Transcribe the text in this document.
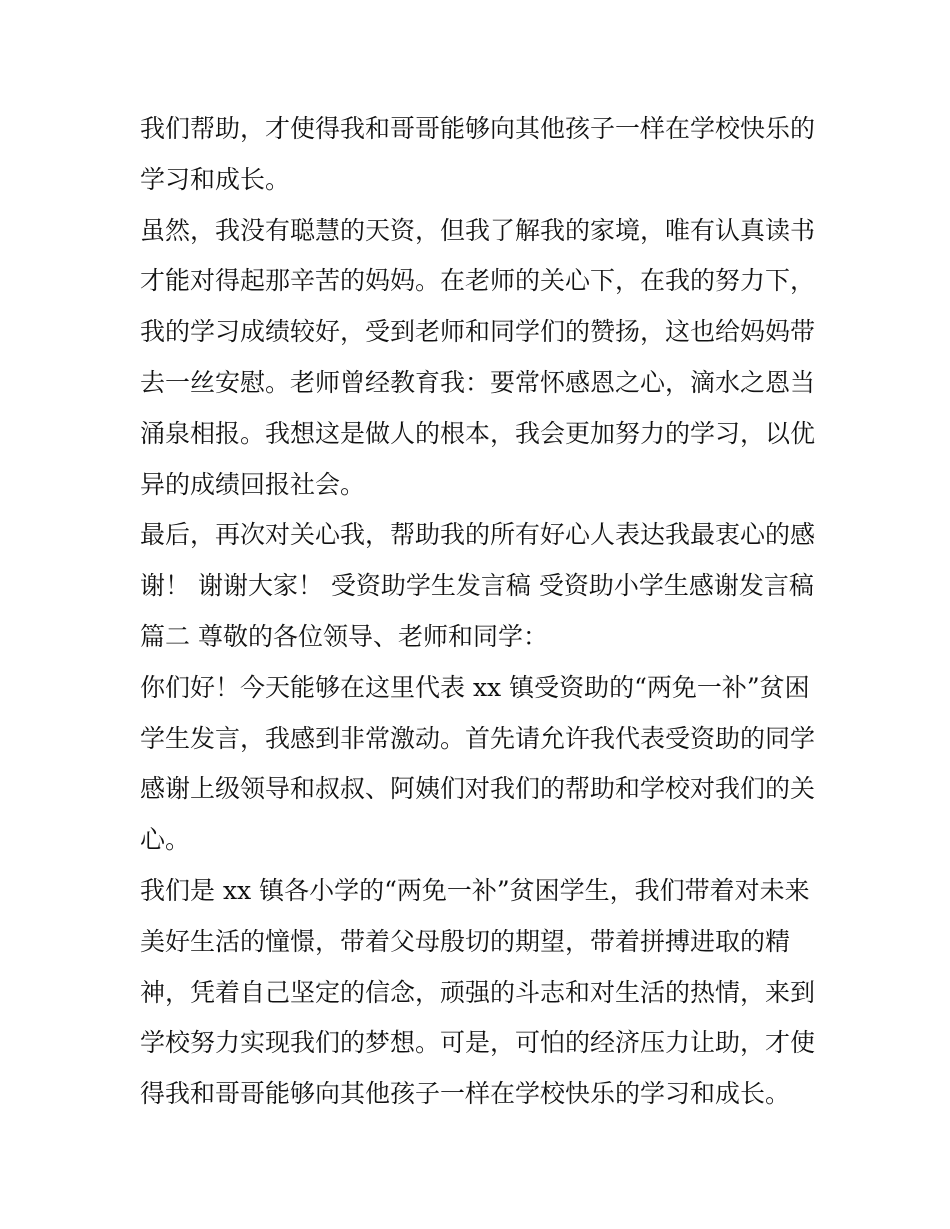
我们帮助，才使得我和哥哥能够向其他孩子一样在学校快乐的
学习和成长。
虽然，我没有聪慧的天资，但我了解我的家境，唯有认真读书
才能对得起那辛苦的妈妈。在老师的关心下，在我的努力下，
我的学习成绩较好，受到老师和同学们的赞扬，这也给妈妈带
去一丝安慰。老师曾经教育我：要常怀感恩之心，滴水之恩当
涌泉相报。我想这是做人的根本，我会更加努力的学习，以优
异的成绩回报社会。
最后，再次对关心我，帮助我的所有好心人表达我最衷心的感
谢！ 谢谢大家！ 受资助学生发言稿 受资助小学生感谢发言稿
篇二 尊敬的各位领导、老师和同学：
你们好！今天能够在这里代表 xx 镇受资助的“两免一补”贫困
学生发言，我感到非常激动。首先请允许我代表受资助的同学
感谢上级领导和叔叔、阿姨们对我们的帮助和学校对我们的关
心。
我们是 xx 镇各小学的“两免一补”贫困学生，我们带着对未来
美好生活的憧憬，带着父母殷切的期望，带着拼搏进取的精
神，凭着自己坚定的信念，顽强的斗志和对生活的热情，来到
学校努力实现我们的梦想。可是，可怕的经济压力让助，才使
得我和哥哥能够向其他孩子一样在学校快乐的学习和成长。
